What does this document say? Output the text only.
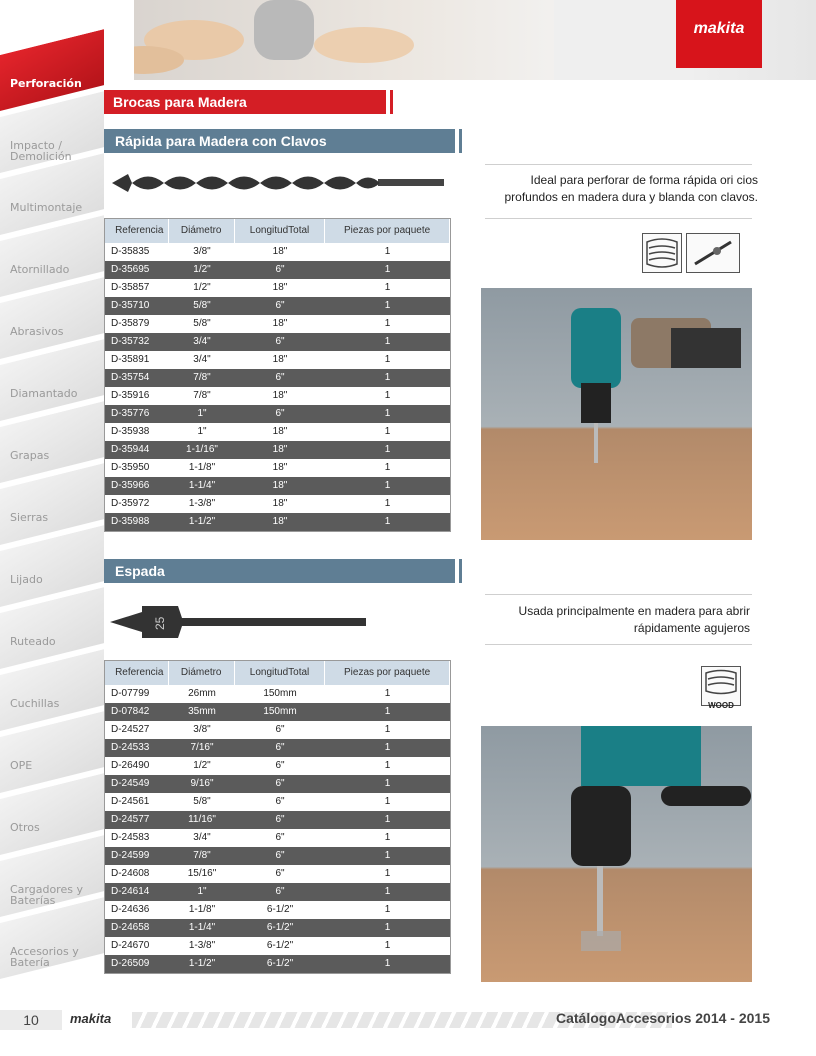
Perforación
Impacto / Demolición
Multimontaje
Atornillado
Abrasivos
Diamantado
Grapas
Sierras
Lijado
Ruteado
Cuchillas
OPE
Otros
Cargadores y Baterías
Accesorios y Batería
makita
Brocas para Madera
Rápida para Madera con Clavos
Ideal para perforar de forma rápida ori cios
profundos en madera dura y blanda con clavos.
Referencia	Diámetro	LongitudTotal	Piezas por paquete
D-35835	3/8"	18"	1
D-35695	1/2"	6"	1
D-35857	1/2"	18"	1
D-35710	5/8"	6"	1
D-35879	5/8"	18"	1
D-35732	3/4"	6"	1
D-35891	3/4"	18"	1
D-35754	7/8"	6"	1
D-35916	7/8"	18"	1
D-35776	1"	6"	1
D-35938	1"	18"	1
D-35944	1-1/16"	18"	1
D-35950	1-1/8"	18"	1
D-35966	1-1/4"	18"	1
D-35972	1-3/8"	18"	1
D-35988	1-1/2"	18"	1
Espada
25
Usada principalmente en madera para abrir
rápidamente agujeros
WOOD
Referencia	Diámetro	LongitudTotal	Piezas por paquete
D-07799	26mm	150mm	1
D-07842	35mm	150mm	1
D-24527	3/8"	6"	1
D-24533	7/16"	6"	1
D-26490	1/2"	6"	1
D-24549	9/16"	6"	1
D-24561	5/8"	6"	1
D-24577	11/16"	6"	1
D-24583	3/4"	6"	1
D-24599	7/8"	6"	1
D-24608	15/16"	6"	1
D-24614	1"	6"	1
D-24636	1-1/8"	6-1/2"	1
D-24658	1-1/4"	6-1/2"	1
D-24670	1-3/8"	6-1/2"	1
D-26509	1-1/2"	6-1/2"	1
10	makita	CatálogoAccesorios 2014 - 2015
